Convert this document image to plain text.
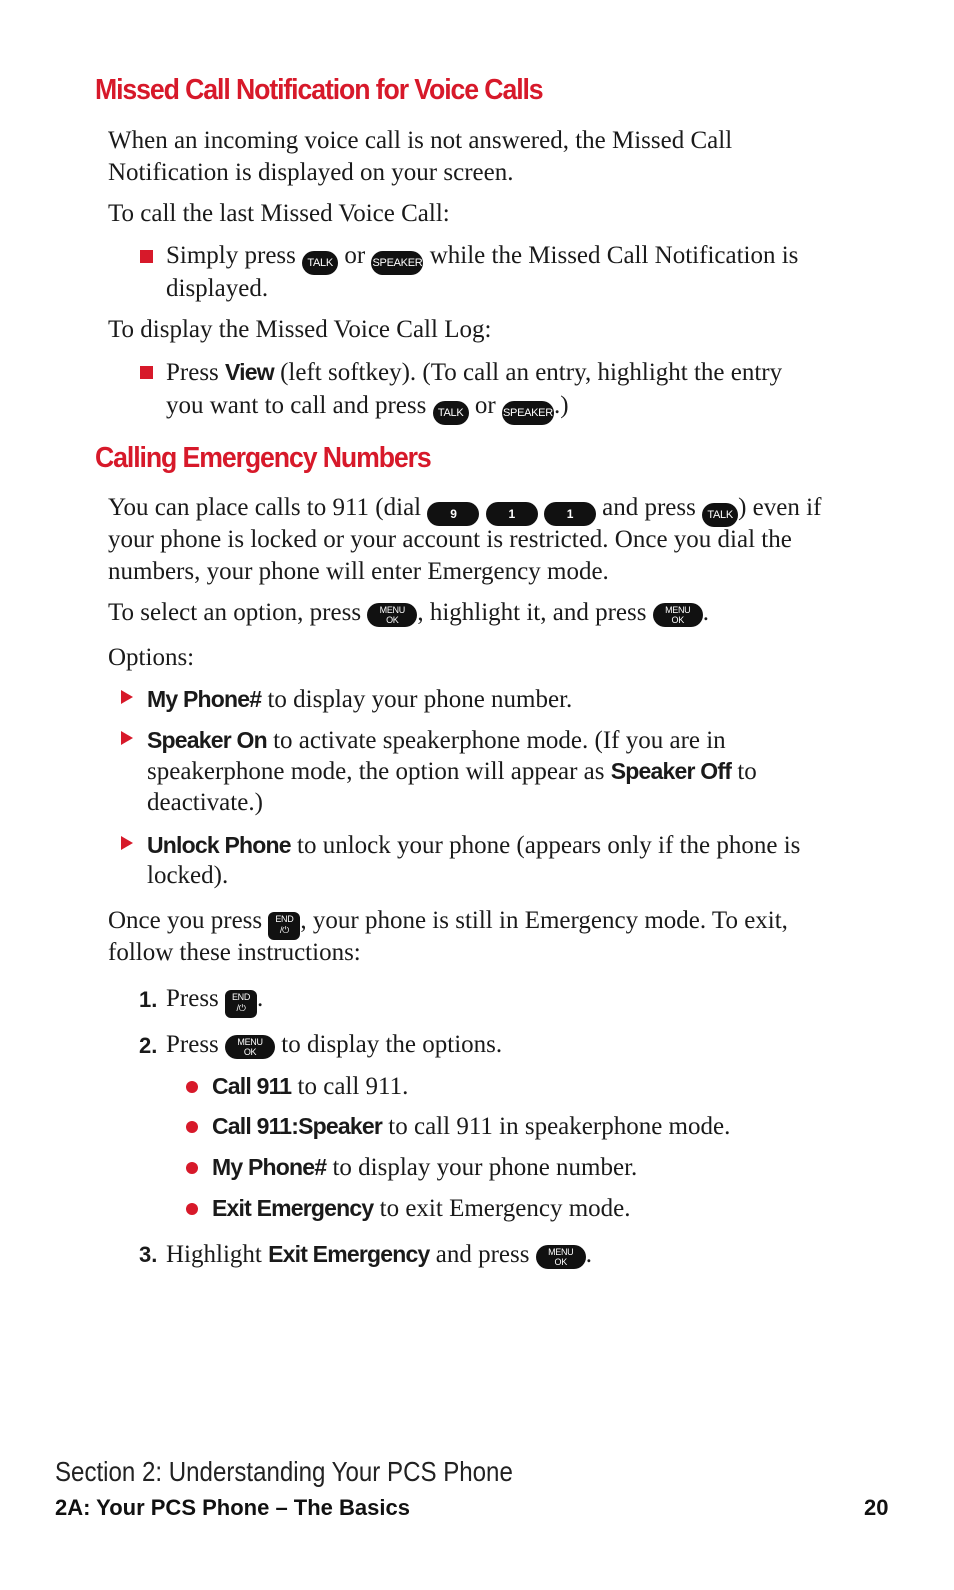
Missed Call Notification for Voice Calls
When an incoming voice call is not answered, the Missed Call
Notification is displayed on your screen.
To call the last Missed Voice Call:
Simply press TALK or SPEAKER while the Missed Call Notification is
displayed.
To display the Missed Voice Call Log:
Press View (left softkey). (To call an entry, highlight the entry
you want to call and press TALK or SPEAKER.)
Calling Emergency Numbers
You can place calls to 911 (dial 9	1	1 and press TALK ) even if
your phone is locked or your account is restricted. Once you dial the
numbers, your phone will enter Emergency mode.
To select an option, press MENU
OK , highlight it, and press MENU
OK .
Options:
My Phone# to display your phone number.
Speaker On to activate speakerphone mode. (If you are in
speakerphone mode, the option will appear as Speaker Off to
deactivate.)
Unlock Phone to unlock your phone (appears only if the phone is
locked).
Once you press END
/⏻ , your phone is still in Emergency mode. To exit,
follow these instructions:
1. Press END
/⏻ .
2. Press MENU
OK to display the options.
Call 911 to call 911.
Call 911:Speaker to call 911 in speakerphone mode.
My Phone# to display your phone number.
Exit Emergency to exit Emergency mode.
3. Highlight Exit Emergency and press MENU
OK .
Section 2: Understanding Your PCS Phone
2A: Your PCS Phone – The Basics	20
